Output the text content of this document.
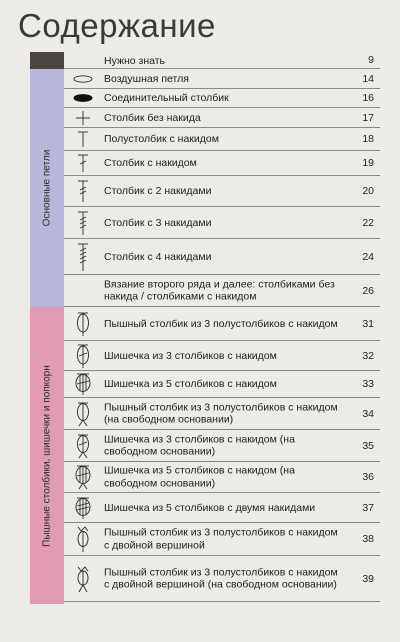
Содержание
Основные петли
Пышные столбики, шишечки и попкорн
Нужно знать	9
Воздушная петля	14
Соединительный столбик	16
Столбик без накида	17
Полустолбик с накидом	18
Столбик с накидом	19
Столбик с 2 накидами	20
Столбик с 3 накидами	22
Столбик с 4 накидами	24
Вязание второго ряда и далее: столбиками без накида / столбиками с накидом	26
Пышный столбик из 3 полустолбиков с накидом	31
Шишечка из 3 столбиков с накидом	32
Шишечка из 5 столбиков с накидом	33
Пышный столбик из 3 полустолбиков с накидом (на свободном основании)	34
Шишечка из 3 столбиков с накидом (на свободном основании)	35
Шишечка из 5 столбиков с накидом (на свободном основании)	36
Шишечка из 5 столбиков с двумя накидами	37
Пышный столбик из 3 полустолбиков с накидом с двойной вершиной	38
Пышный столбик из 3 полустолбиков с накидом с двойной вершиной (на свободном основании)	39
